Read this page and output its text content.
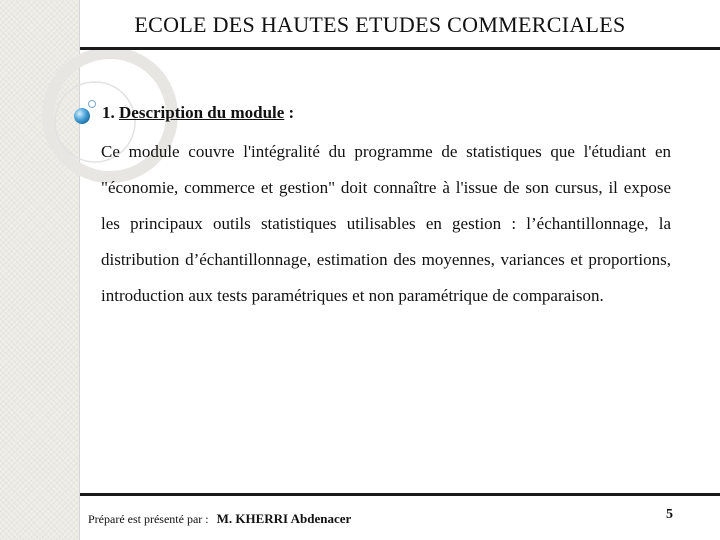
ECOLE DES HAUTES ETUDES COMMERCIALES
1. Description du module :
Ce module couvre l'intégralité du programme de statistiques que l'étudiant en "économie, commerce et gestion" doit connaître à l'issue de son cursus, il expose les principaux outils statistiques utilisables en gestion : l’échantillonnage, la distribution d’échantillonnage, estimation des moyennes, variances et proportions, introduction aux tests paramétriques et non paramétrique de comparaison.
Préparé est présenté par : M. KHERRI Abdenacer	5
